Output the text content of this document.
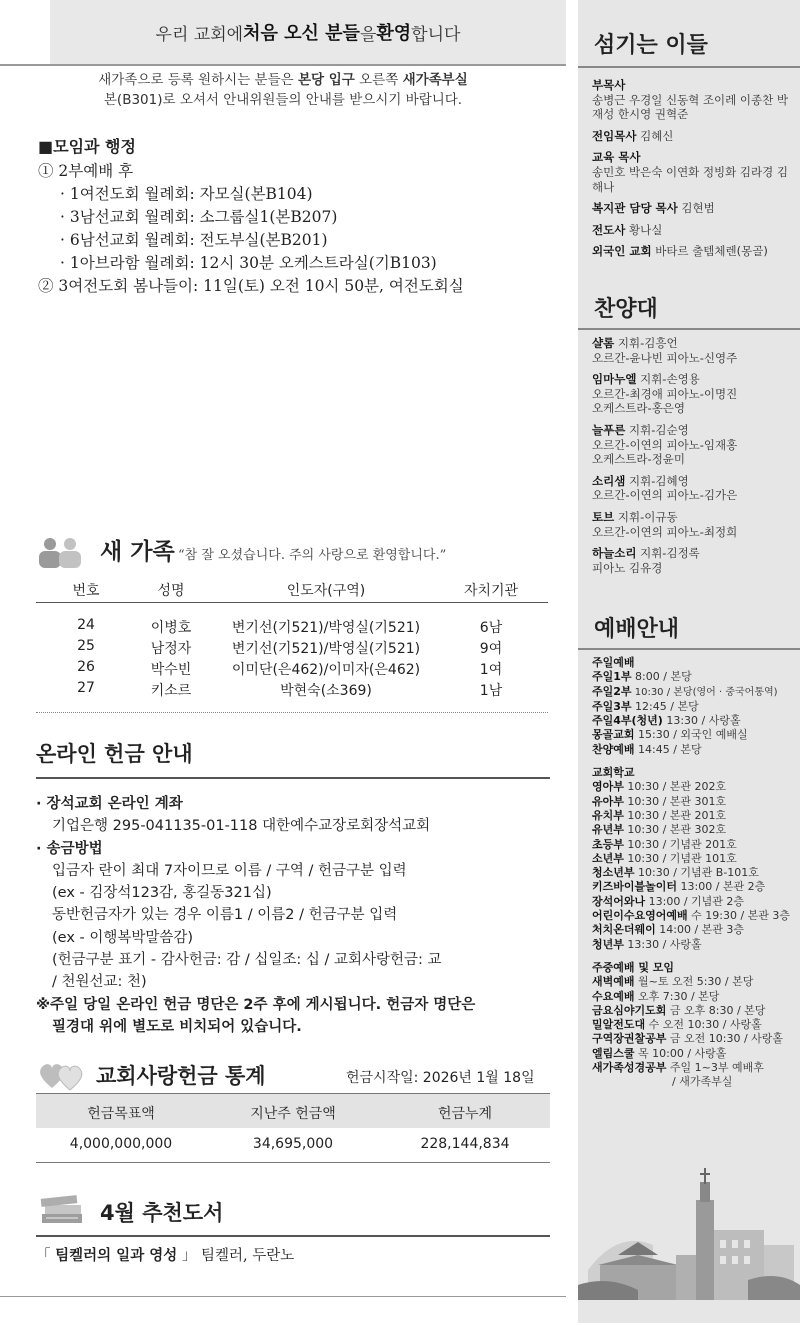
우리 교회에 처음 오신 분들 을 환영 합니다
새가족으로 등록 원하시는 분들은 본당 입구 오른쪽 새가족부실
본(B301)로 오셔서 안내위원들의 안내를 받으시기 바랍니다.
■모임과 행정
① 2부예배 후
· 1여전도회 월례회: 자모실(본B104)
· 3남선교회 월례회: 소그룹실1(본B207)
· 6남선교회 월례회: 전도부실(본B201)
· 1아브라함 월례회: 12시 30분 오케스트라실(기B103)
② 3여전도회 봄나들이: 11일(토) 오전 10시 50분, 여전도회실
새 가족 “참 잘 오셨습니다. 주의 사랑으로 환영합니다.”
번호	성명	인도자(구역)	자치기관
24	이병호	변기선(기521)/박영실(기521)	6남
25	남정자	변기선(기521)/박영실(기521)	9여
26	박수빈	이미단(은462)/이미자(은462)	1여
27	키소르	박현숙(소369)	1남
온라인 헌금 안내
· 장석교회 온라인 계좌
기업은행 295-041135-01-118 대한예수교장로회장석교회
· 송금방법
입금자 란이 최대 7자이므로 이름 / 구역 / 헌금구분 입력
(ex - 김장석123감, 홍길동321십)
동반헌금자가 있는 경우 이름1 / 이름2 / 헌금구분 입력
(ex - 이행복박말씀감)
(헌금구분 표기 - 감사헌금: 감 / 십일조: 십 / 교회사랑헌금: 교
/ 천원선교: 천)
※주일 당일 온라인 헌금 명단은 2주 후에 게시됩니다. 헌금자 명단은
필경대 위에 별도로 비치되어 있습니다.
교회사랑헌금 통계	헌금시작일: 2026년 1월 18일
헌금목표액	지난주 헌금액	헌금누계
4,000,000,000	34,695,000	228,144,834
4월 추천도서
「 팀켈러의 일과 영성 」 팀켈러, 두란노
섬기는 이들
부목사
송병근 우경일 신동혁 조이레 이종찬 박재성 한시영 권혁준
전임목사 김혜신
교육 목사
송민호 박은숙 이연화 정빙화 김라경 김해나
복지관 담당 목사 김현범
전도사 황나실
외국인 교회 바타르 출템체렌(몽골)
찬양대
샬롬 지휘-김흥언
오르간-윤나빈 피아노-신영주
임마누엘 지휘-손영용
오르간-최경애 피아노-이명진
오케스트라-홍은영
늘푸른 지휘-김순영
오르간-이연의 피아노-임재홍
오케스트라-정윤미
소리샘 지휘-김혜영
오르간-이연의 피아노-김가은
토브 지휘-이규동
오르간-이연의 피아노-최정희
하늘소리 지휘-김정록
피아노 김유경
예배안내
주일예배
주일1부 8:00 / 본당
주일2부 10:30 / 본당(영어 · 중국어통역)
주일3부 12:45 / 본당
주일4부(청년) 13:30 / 사랑홀
몽골교회 15:30 / 외국인 예배실
찬양예배 14:45 / 본당
교회학교
영아부 10:30 / 본관 202호
유아부 10:30 / 본관 301호
유치부 10:30 / 본관 201호
유년부 10:30 / 본관 302호
초등부 10:30 / 기념관 201호
소년부 10:30 / 기념관 101호
청소년부 10:30 / 기념관 B-101호
키즈바이블놀이터 13:00 / 본관 2층
장석어와나 13:00 / 기념관 2층
어린이수요영어예배 수 19:30 / 본관 3층
처치온더웨이 14:00 / 본관 3층
청년부 13:30 / 사랑홀
주중예배 및 모임
새벽예배 월~토 오전 5:30 / 본당
수요예배 오후 7:30 / 본당
금요심야기도회 금 오후 8:30 / 본당
밀알전도대 수 오전 10:30 / 사랑홀
구역장권찰공부 금 오전 10:30 / 사랑홀
엘림스쿨 목 10:00 / 사랑홀
새가족성경공부 주일 1~3부 예배후
/ 새가족부실
